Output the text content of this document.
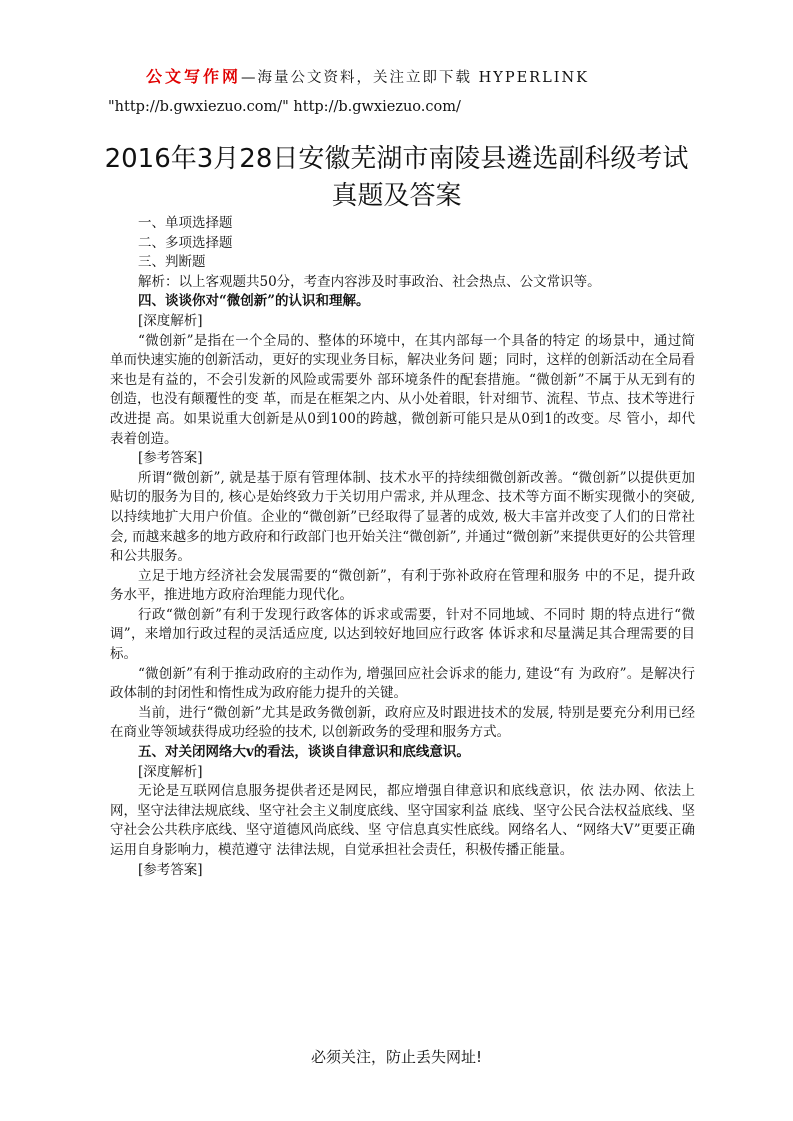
公文写作网—海量公文资料，关注立即下载 HYPERLINK
"http://b.gwxiezuo.com/" http://b.gwxiezuo.com/
2016年3月28日安徽芜湖市南陵县遴选副科级考试真题及答案

一、单项选择题

二、多项选择题

三、判断题

解析：以上客观题共50分，考查内容涉及时事政治、社会热点、公文常识等。

四、谈谈你对“微创新”的认识和理解。

[深度解析]

“微创新”是指在一个全局的、整体的环境中，在其内部每一个具备的特定 的场景中，通过简单而快速实施的创新活动，更好的实现业务目标，解决业务问 题；同时，这样的创新活动在全局看来也是有益的，不会引发新的风险或需要外 部环境条件的配套措施。“微创新”不属于从无到有的创造，也没有颠覆性的变 革，而是在框架之内、从小处着眼，针对细节、流程、节点、技术等进行改进提 高。如果说重大创新是从0到100的跨越，微创新可能只是从0到1的改变。尽 管小，却代表着创造。

[参考答案]

所谓“微创新”, 就是基于原有管理体制、技术水平的持续细微创新改善。“微创新”以提供更加贴切的服务为目的, 核心是始终致力于关切用户需求, 并从理念、技术等方面不断实现微小的突破, 以持续地扩大用户价值。企业的“微创新”已经取得了显著的成效, 极大丰富并改变了人们的日常社会, 而越来越多的地方政府和行政部门也开始关注“微创新”, 并通过“微创新”来提供更好的公共管理和公共服务。

立足于地方经济社会发展需要的“微创新”，有利于弥补政府在管理和服务 中的不足，提升政务水平，推进地方政府治理能力现代化。

行政“微创新”有利于发现行政客体的诉求或需要，针对不同地域、不同时 期的特点进行“微调”，来增加行政过程的灵活适应度, 以达到较好地回应行政客 体诉求和尽量满足其合理需要的目标。

“微创新”有利于推动政府的主动作为, 增强回应社会诉求的能力, 建设“有 为政府”。是解决行政体制的封闭性和惰性成为政府能力提升的关键。

当前，进行“微创新”尤其是政务微创新，政府应及时跟进技术的发展, 特别是要充分利用已经在商业等领域获得成功经验的技术, 以创新政务的受理和服务方式。

五、对关闭网络大v的看法，谈谈自律意识和底线意识。

[深度解析]

无论是互联网信息服务提供者还是网民，都应增强自律意识和底线意识，依 法办网、依法上网，坚守法律法规底线、坚守社会主义制度底线、坚守国家利益 底线、坚守公民合法权益底线、坚守社会公共秩序底线、坚守道德风尚底线、坚 守信息真实性底线。网络名人、“网络大V”更要正确运用自身影响力，模范遵守 法律法规，自觉承担社会责任，积极传播正能量。

[参考答案]

必须关注，防止丢失网址!
